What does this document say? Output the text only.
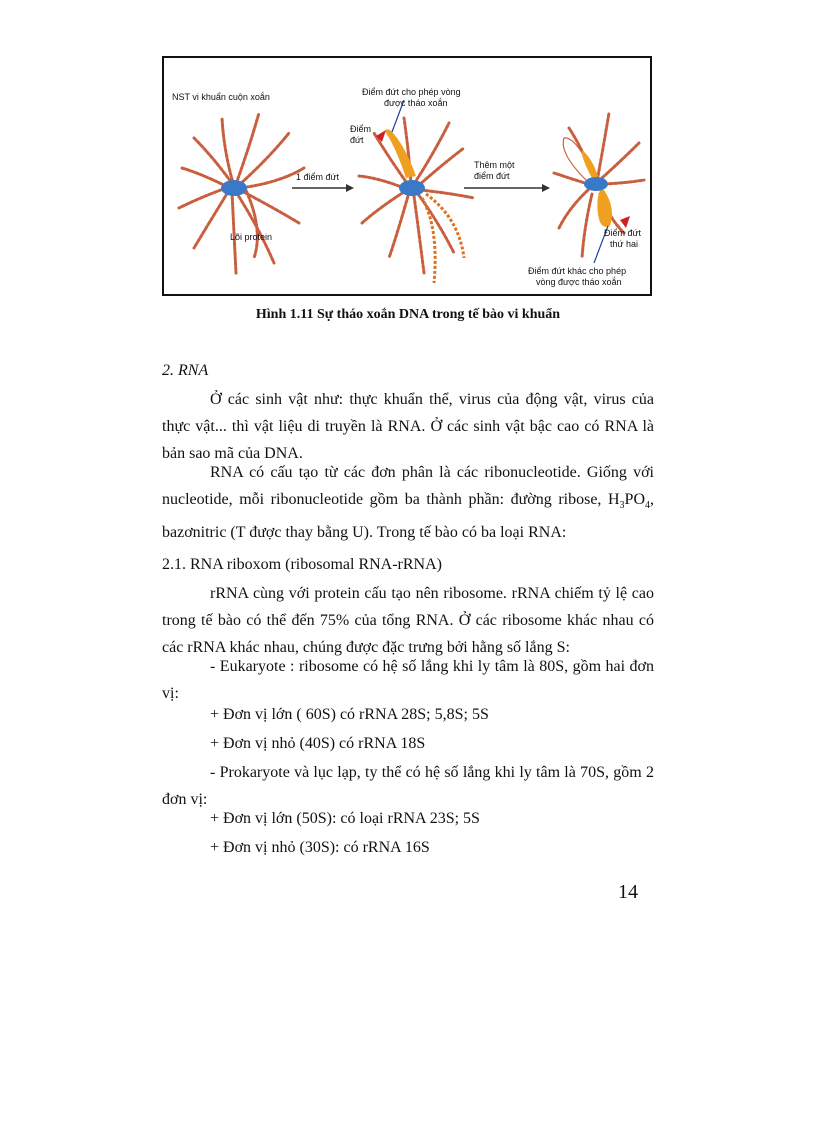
NST vi khuẩn cuộn xoắn
Lõi protein
1 điểm đứt
Điểm đứt cho phép vòng
được tháo xoắn
Điểm
đứt
Thêm một
điểm đứt
Điểm đứt
thứ hai
Điểm đứt khác cho phép
vòng được tháo xoắn
Hình 1.11 Sự tháo xoắn DNA trong tế bào vi khuẩn
2. RNA
Ở các sinh vật như: thực khuẩn thể, virus của động vật, virus của thực vật... thì vật liệu di truyền là RNA. Ở các sinh vật bậc cao có RNA là bản sao mã của DNA.
RNA có cấu tạo từ các đơn phân là các ribonucleotide. Giống với nucleotide, mỗi ribonucleotide gồm ba thành phần: đường ribose, $H_3PO_4$, bazơnitric (T được thay bằng U). Trong tế bào có ba loại RNA:
2.1. RNA riboxom (ribosomal RNA-rRNA)
rRNA cùng với protein cấu tạo nên ribosome. rRNA chiếm tỷ lệ cao trong tế bào có thể đến 75% của tổng RNA. Ở các ribosome khác nhau có các rRNA khác nhau, chúng được đặc trưng bởi hằng số lắng S:
- Eukaryote : ribosome có hệ số lắng khi ly tâm là 80S, gồm hai đơn vị:
+ Đơn vị lớn ( 60S) có rRNA 28S; 5,8S; 5S
+ Đơn vị nhỏ (40S) có rRNA 18S
- Prokaryote và lục lạp, ty thể có hệ số lắng khi ly tâm là 70S, gồm 2 đơn vị:
+ Đơn vị lớn (50S): có loại rRNA 23S; 5S
+ Đơn vị nhỏ (30S): có rRNA 16S
14
